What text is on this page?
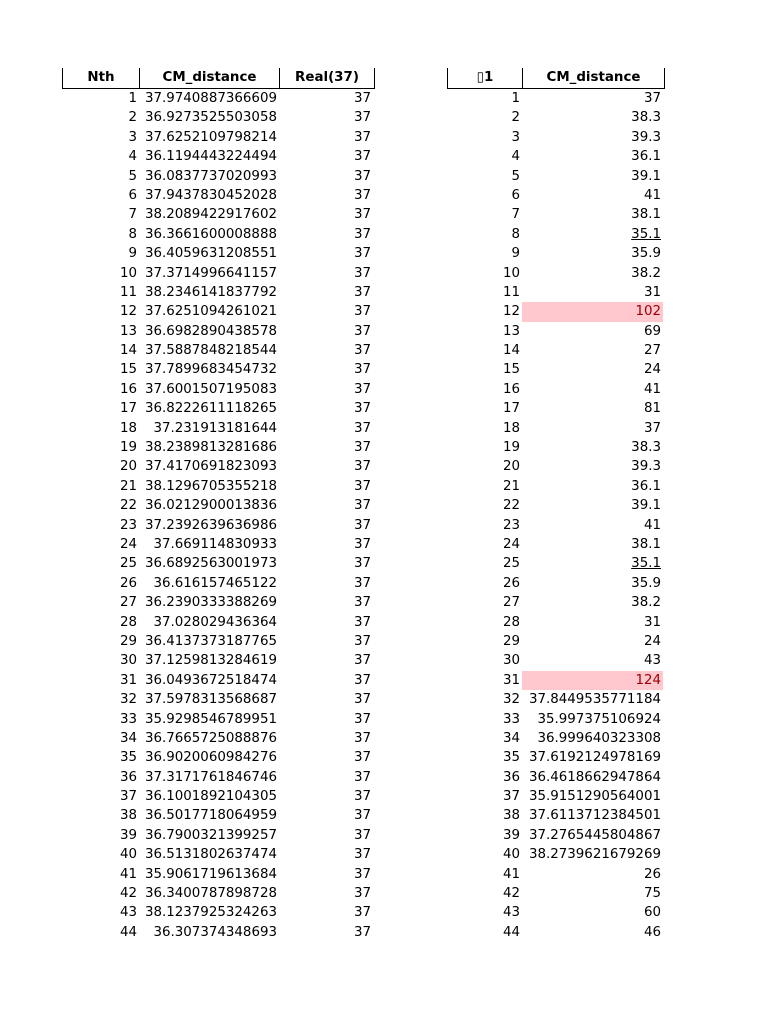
Nth	CM_distance	Real(37)
1 37.9740887366609	37
2 36.9273525503058	37
3 37.6252109798214	37
4 36.1194443224494	37
5 36.0837737020993	37
6 37.9437830452028	37
7 38.2089422917602	37
8 36.3661600008888	37
9 36.4059631208551	37
10 37.3714996641157	37
11 38.2346141837792	37
12 37.6251094261021	37
13 36.6982890438578	37
14 37.5887848218544	37
15 37.7899683454732	37
16 37.6001507195083	37
17 36.8222611118265	37
18	37.231913181644	37
19 38.2389813281686	37
20 37.4170691823093	37
21 38.1296705355218	37
22 36.0212900013836	37
23 37.2392639636986	37
24	37.669114830933	37
25 36.6892563001973	37
26	36.616157465122	37
27 36.2390333388269	37
28	37.028029436364	37
29 36.4137373187765	37
30 37.1259813284619	37
31 36.0493672518474	37
32 37.5978313568687	37
33 35.9298546789951	37
34 36.7665725088876	37
35 36.9020060984276	37
36 37.3171761846746	37
37 36.1001892104305	37
38 36.5017718064959	37
39 36.7900321399257	37
40 36.5131802637474	37
41 35.9061719613684	37
42 36.3400787898728	37
43 38.1237925324263	37
44	36.307374348693	37
▯1	CM_distance
1	37
2	38.3
3	39.3
4	36.1
5	39.1
6	41
7	38.1
8	35.1
9	35.9
10	38.2
11	31
12	102
13	69
14	27
15	24
16	41
17	81
18	37
19	38.3
20	39.3
21	36.1
22	39.1
23	41
24	38.1
25	35.1
26	35.9
27	38.2
28	31
29	24
30	43
31	124
32 37.8449535771184
33	35.997375106924
34	36.999640323308
35 37.6192124978169
36 36.4618662947864
37 35.9151290564001
38 37.6113712384501
39 37.2765445804867
40 38.2739621679269
41	26
42	75
43	60
44	46
